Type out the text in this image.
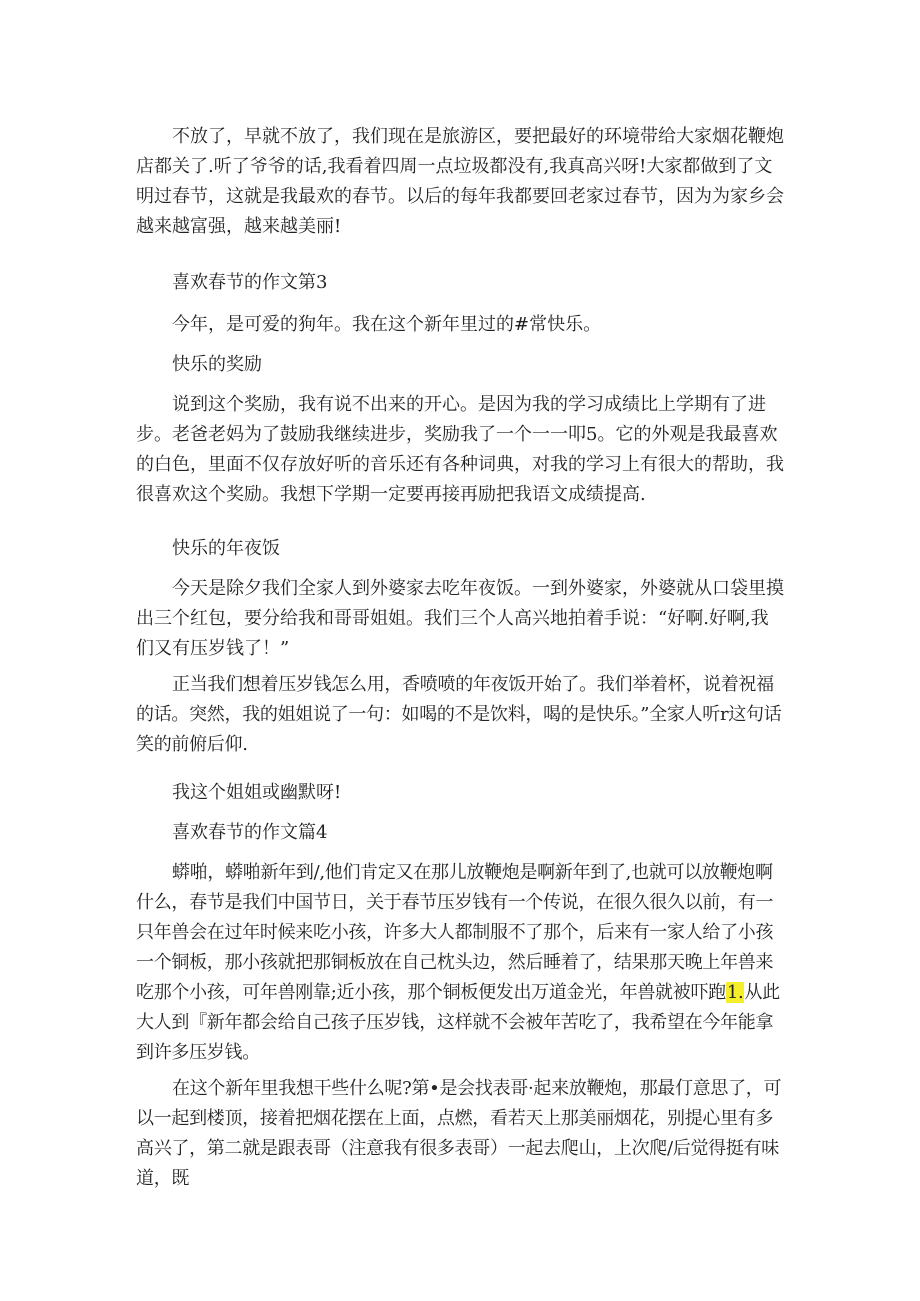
不放了，早就不放了，我们现在是旅游区，要把最好的环境带给大家烟花鞭炮店都关了.听了爷爷的话,我看着四周一点垃圾都没有,我真高兴呀!大家都做到了文明过春节，这就是我最欢的春节。以后的每年我都要回老家过春节，因为为家乡会越来越富强，越来越美丽!

喜欢春节的作文第3

今年，是可爱的狗年。我在这个新年里过的#常快乐。

快乐的奖励

说到这个奖励，我有说不出来的开心。是因为我的学习成绩比上学期有了进步。老爸老妈为了鼓励我继续进步，奖励我了一个一一叩5。它的外观是我最喜欢的白色，里面不仅存放好听的音乐还有各种词典，对我的学习上有很大的帮助，我很喜欢这个奖励。我想下学期一定要再接再励把我语文成绩提高.

快乐的年夜饭

今天是除夕我们全家人到外婆家去吃年夜饭。一到外婆家，外婆就从口袋里摸出三个红包，要分给我和哥哥姐姐。我们三个人高兴地拍着手说：“好啊.好啊,我们又有压岁钱了！”

正当我们想着压岁钱怎么用，香喷喷的年夜饭开始了。我们举着杯，说着祝福的话。突然，我的姐姐说了一句：如喝的不是饮料，喝的是快乐。”全家人听r这句话笑的前俯后仰.

我这个姐姐或幽默呀!

喜欢春节的作文篇4

蟒啪，蟒啪新年到/,他们肯定又在那儿放鞭炮是啊新年到了,也就可以放鞭炮啊什么，春节是我们中国节日，关于春节压岁钱有一个传说，在很久很久以前，有一只年兽会在过年时候来吃小孩，许多大人都制服不了那个，后来有一家人给了小孩一个铜板，那小孩就把那铜板放在自己枕头边，然后睡着了，结果那天晚上年兽来吃那个小孩，可年兽刚靠;近小孩，那个铜板便发出万道金光，年兽就被吓跑1.从此大人到『新年都会给自己孩子压岁钱，这样就不会被年苦吃了，我希望在今年能拿到许多压岁钱。

在这个新年里我想干些什么呢?第•是会找表哥·起来放鞭炮，那最仃意思了，可以一起到楼顶，接着把烟花摆在上面，点燃，看若天上那美丽烟花，别提心里有多高兴了，第二就是跟表哥（注意我有很多表哥）一起去爬山，上次爬/后觉得挺有味道，既
